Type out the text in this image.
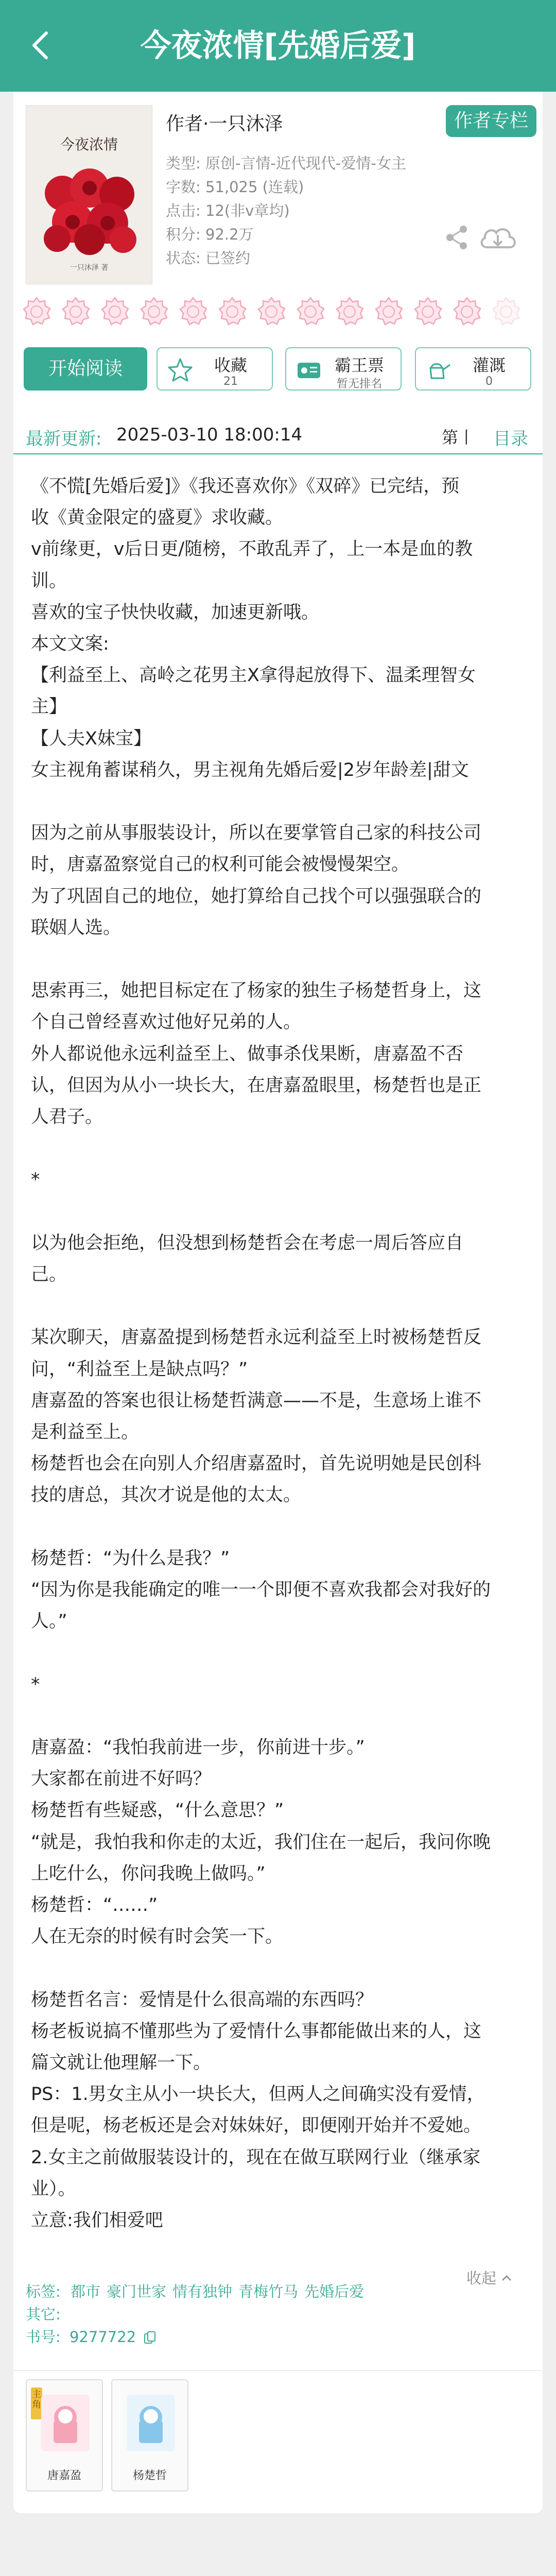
今夜浓情[先婚后爱]
今夜浓情
一只沐泽 著
作者·一只沐泽	作者专栏
类型: 原创-言情-近代现代-爱情-女主
字数: 51,025 (连载)
点击: 12(非v章均)
积分: 92.2万
状态: 已签约
开始阅读	收藏
21
霸王票
暂无排名
灌溉
0
最新更新: 2025-03-10 18:00:14	第丨 目录
《不慌[先婚后爱]》《我还喜欢你》《双碎》已完结，预
收《黄金限定的盛夏》求收藏。
v前缘更，v后日更/随榜，不敢乱弄了，上一本是血的教
训。
喜欢的宝子快快收藏，加速更新哦。
本文文案:
【利益至上、高岭之花男主X拿得起放得下、温柔理智女
主】
【人夫X妹宝】
女主视角蓄谋稍久，男主视角先婚后爱|2岁年龄差|甜文
因为之前从事服装设计，所以在要掌管自己家的科技公司
时，唐嘉盈察觉自己的权利可能会被慢慢架空。
为了巩固自己的地位，她打算给自己找个可以强强联合的
联姻人选。
思索再三，她把目标定在了杨家的独生子杨楚哲身上，这
个自己曾经喜欢过他好兄弟的人。
外人都说他永远利益至上、做事杀伐果断，唐嘉盈不否
认，但因为从小一块长大，在唐嘉盈眼里，杨楚哲也是正
人君子。
*
以为他会拒绝，但没想到杨楚哲会在考虑一周后答应自
己。
某次聊天，唐嘉盈提到杨楚哲永远利益至上时被杨楚哲反
问，“利益至上是缺点吗？”
唐嘉盈的答案也很让杨楚哲满意——不是，生意场上谁不
是利益至上。
杨楚哲也会在向别人介绍唐嘉盈时，首先说明她是民创科
技的唐总，其次才说是他的太太。
杨楚哲：“为什么是我？”
“因为你是我能确定的唯一一个即便不喜欢我都会对我好的
人。”
*
唐嘉盈：“我怕我前进一步，你前进十步。”
大家都在前进不好吗？
杨楚哲有些疑惑，“什么意思？”
“就是，我怕我和你走的太近，我们住在一起后，我问你晚
上吃什么，你问我晚上做吗。”
杨楚哲：“……”
人在无奈的时候有时会笑一下。
杨楚哲名言：爱情是什么很高端的东西吗？
杨老板说搞不懂那些为了爱情什么事都能做出来的人，这
篇文就让他理解一下。
PS：1.男女主从小一块长大，但两人之间确实没有爱情，
但是呢，杨老板还是会对妹妹好，即便刚开始并不爱她。
2.女主之前做服装设计的，现在在做互联网行业（继承家
业）。
立意:我们相爱吧
收起
标签: 都市 豪门世家 情有独钟 青梅竹马 先婚后爱
其它:
书号: 9277722
主角
唐嘉盈	杨楚哲
